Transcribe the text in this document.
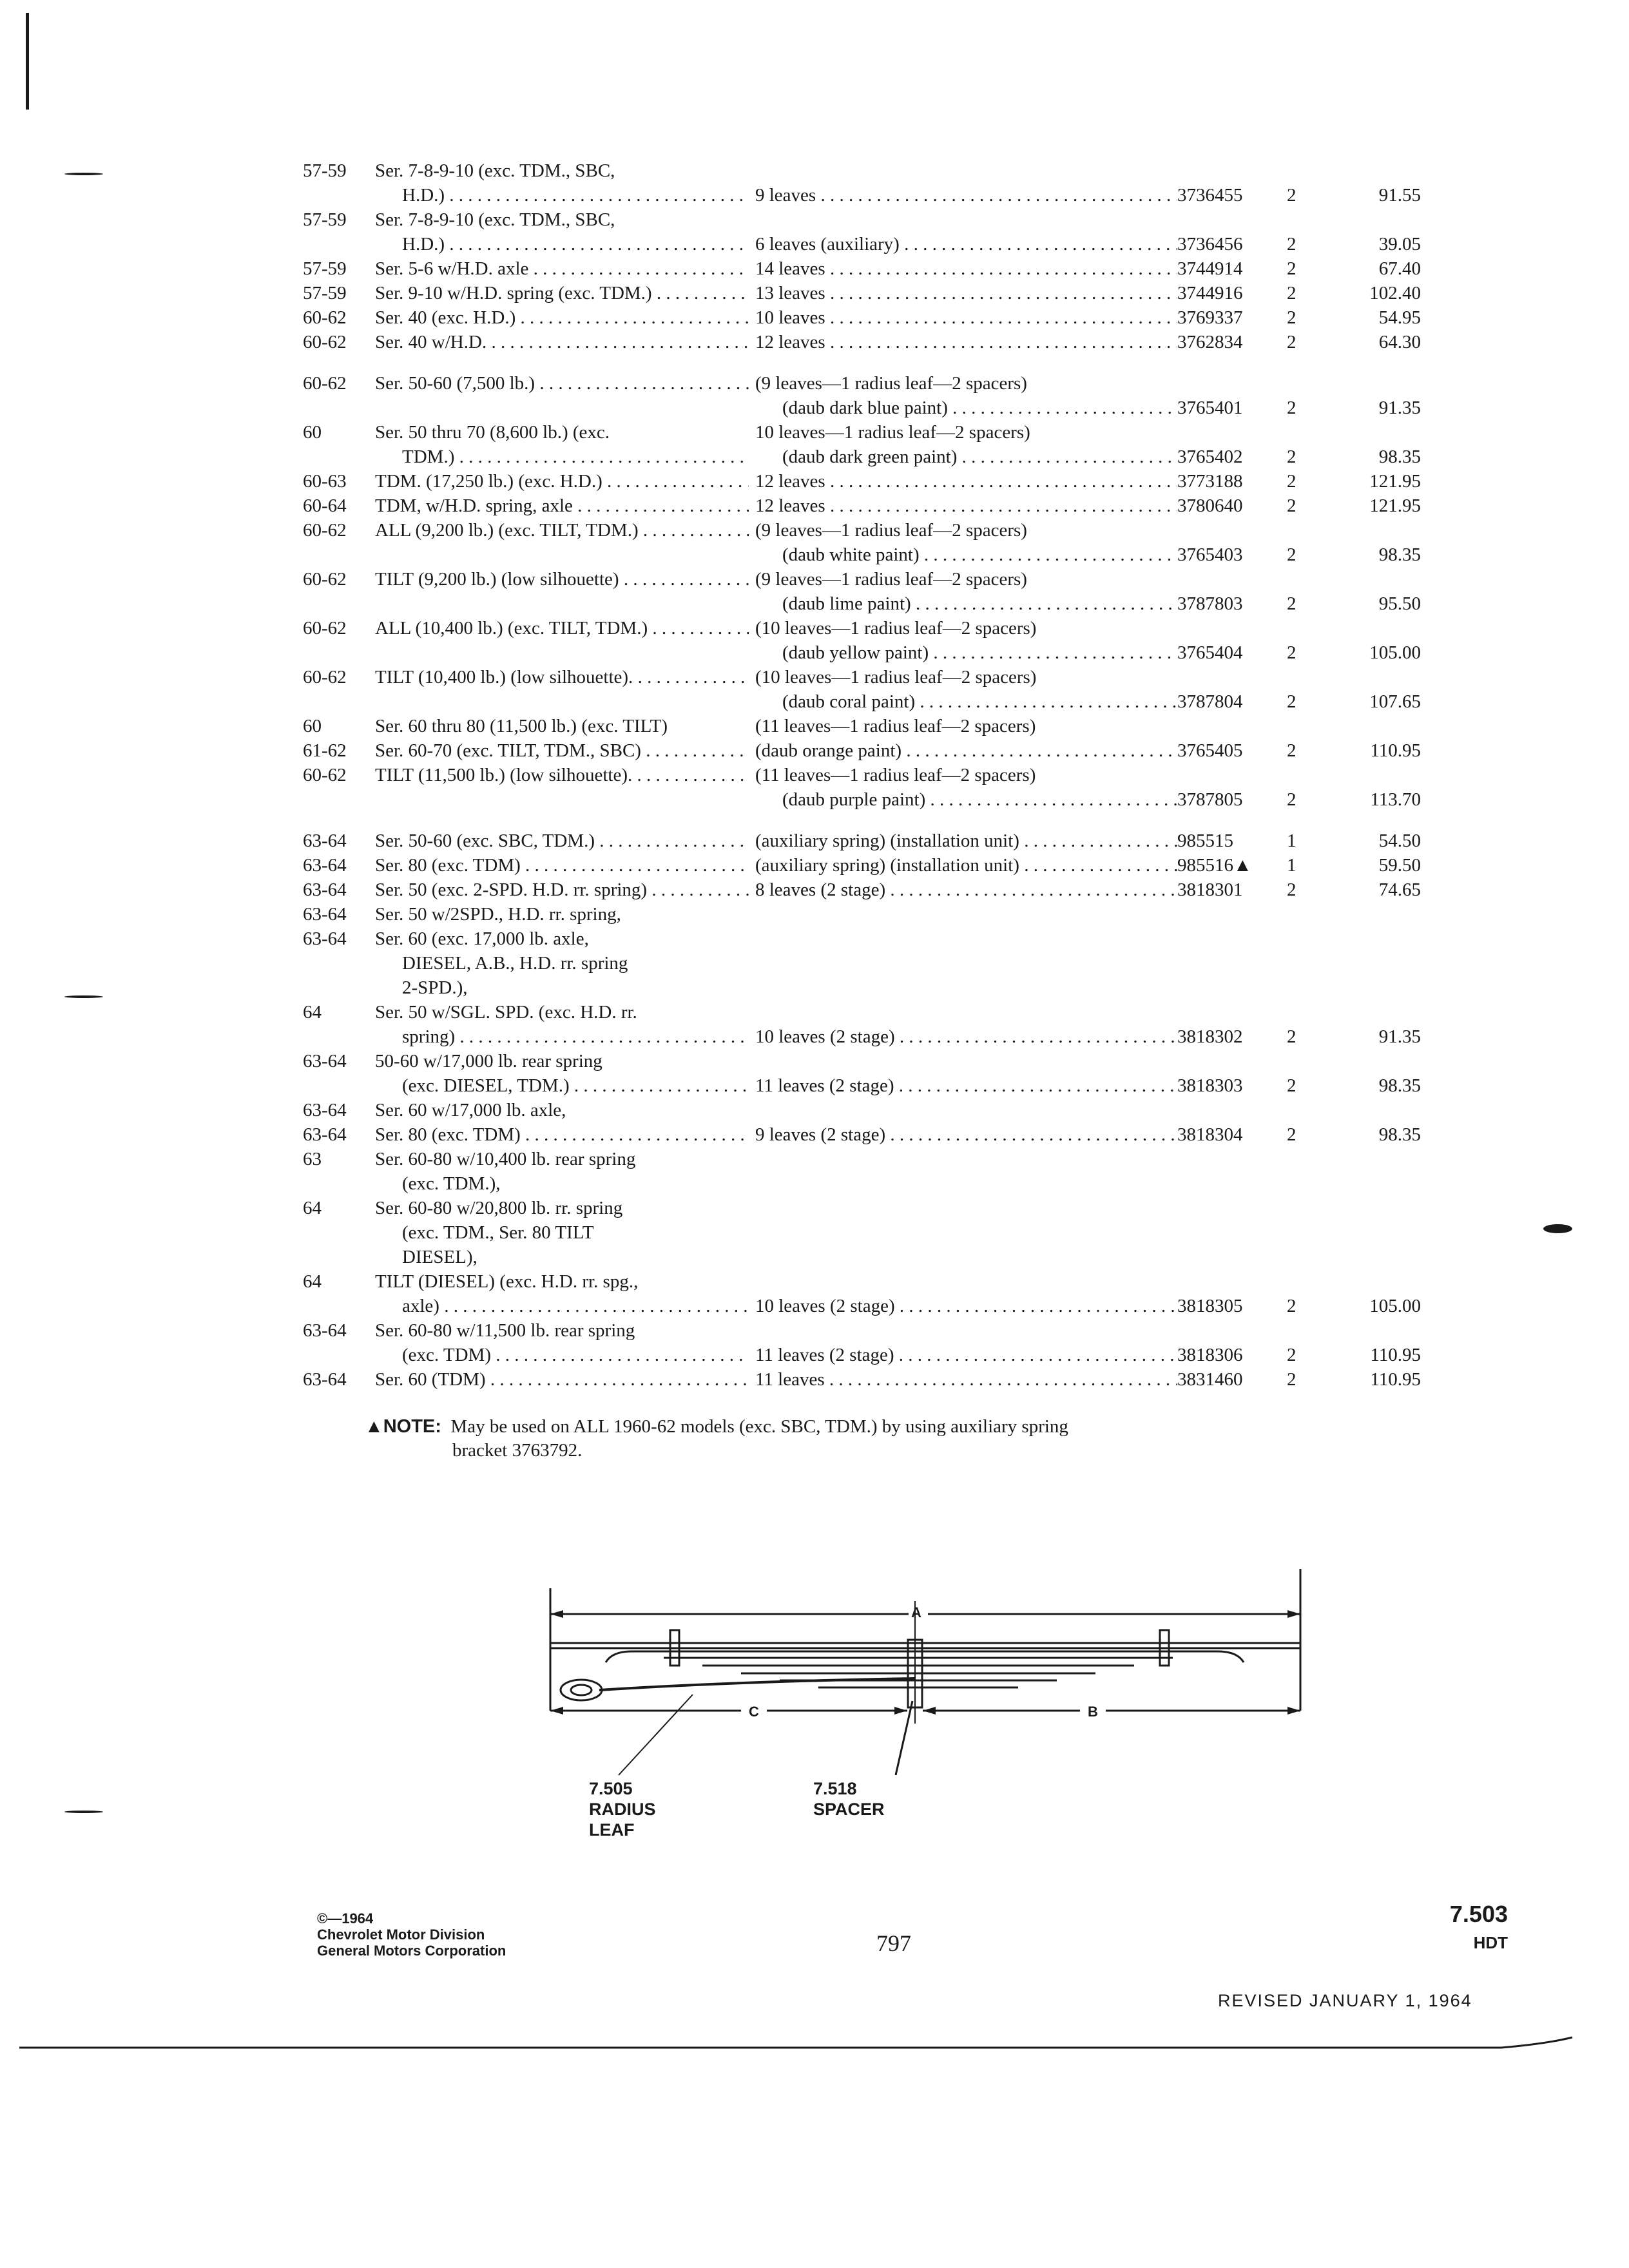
57-59	Ser. 7-8-9-10 (exc. TDM., SBC,
H.D.) . . .	9 leaves . . .	3736455	2	91.55
57-59	Ser. 7-8-9-10 (exc. TDM., SBC,
H.D.) . . .	6 leaves (auxiliary) . . .	3736456	2	39.05
57-59	Ser. 5-6 w/H.D. axle . . .	14 leaves . . .	3744914	2	67.40
57-59	Ser. 9-10 w/H.D. spring (exc. TDM.) . . .	13 leaves . . .	3744916	2	102.40
60-62	Ser. 40 (exc. H.D.) . . .	10 leaves . . .	3769337	2	54.95
60-62	Ser. 40 w/H.D. . . .	12 leaves . . .	3762834	2	64.30
60-62	Ser. 50-60 (7,500 lb.) . . .	(9 leaves—1 radius leaf—2 spacers)
(daub dark blue paint) . . .	3765401	2	91.35
60	Ser. 50 thru 70 (8,600 lb.) (exc.
TDM.) . . .
10 leaves—1 radius leaf—2 spacers)
(daub dark green paint) . . .	3765402	2	98.35
60-63	TDM. (17,250 lb.) (exc. H.D.) . . .	12 leaves . . .	3773188	2	121.95
60-64	TDM, w/H.D. spring, axle . . .	12 leaves . . .	3780640	2	121.95
60-62	ALL (9,200 lb.) (exc. TILT, TDM.) . . .	(9 leaves—1 radius leaf—2 spacers)
(daub white paint) . . .	3765403	2	98.35
60-62	TILT (9,200 lb.) (low silhouette) . . .	(9 leaves—1 radius leaf—2 spacers)
(daub lime paint) . . .	3787803	2	95.50
60-62	ALL (10,400 lb.) (exc. TILT, TDM.) . . .	(10 leaves—1 radius leaf—2 spacers)
(daub yellow paint) . . .	3765404	2	105.00
60-62	TILT (10,400 lb.) (low silhouette). . . .	(10 leaves—1 radius leaf—2 spacers)
(daub coral paint) . . .	3787804	2	107.65
60	Ser. 60 thru 80 (11,500 lb.) (exc. TILT)	(11 leaves—1 radius leaf—2 spacers)
61-62	Ser. 60-70 (exc. TILT, TDM., SBC) . . .	(daub orange paint) . . .	3765405	2	110.95
60-62	TILT (11,500 lb.) (low silhouette). . . .	(11 leaves—1 radius leaf—2 spacers)
(daub purple paint) . . .	3787805	2	113.70
63-64	Ser. 50-60 (exc. SBC, TDM.) . . .	(auxiliary spring) (installation unit) . . .	985515	1	54.50
63-64	Ser. 80 (exc. TDM) . . .	(auxiliary spring) (installation unit) . . .	985516▲	1	59.50
63-64	Ser. 50 (exc. 2-SPD. H.D. rr. spring) . . .	8 leaves (2 stage) . . .	3818301	2	74.65
63-64	Ser. 50 w/2SPD., H.D. rr. spring,
63-64	Ser. 60 (exc. 17,000 lb. axle,
DIESEL, A.B., H.D. rr. spring
2-SPD.),
64	Ser. 50 w/SGL. SPD. (exc. H.D. rr.
spring) . . .	10 leaves (2 stage) . . .	3818302	2	91.35
63-64	50-60 w/17,000 lb. rear spring
(exc. DIESEL, TDM.) . . .	11 leaves (2 stage) . . .	3818303	2	98.35
63-64	Ser. 60 w/17,000 lb. axle,
63-64	Ser. 80 (exc. TDM) . . .	9 leaves (2 stage) . . .	3818304	2	98.35
63	Ser. 60-80 w/10,400 lb. rear spring
(exc. TDM.),
64	Ser. 60-80 w/20,800 lb. rr. spring
(exc. TDM., Ser. 80 TILT
DIESEL),
64	TILT (DIESEL) (exc. H.D. rr. spg.,
axle) . . .	10 leaves (2 stage) . . .	3818305	2	105.00
63-64	Ser. 60-80 w/11,500 lb. rear spring
(exc. TDM) . . .	11 leaves (2 stage) . . .	3818306	2	110.95
63-64	Ser. 60 (TDM) . . .	11 leaves . . .	3831460	2	110.95
▲NOTE: May be used on ALL 1960-62 models (exc. SBC, TDM.) by using auxiliary spring
bracket 3763792.
A
C	B
7.505
RADIUS
LEAF
7.518
SPACER
©—1964
Chevrolet Motor Division
General Motors Corporation	797
7.503
HDT
REVISED JANUARY 1, 1964
